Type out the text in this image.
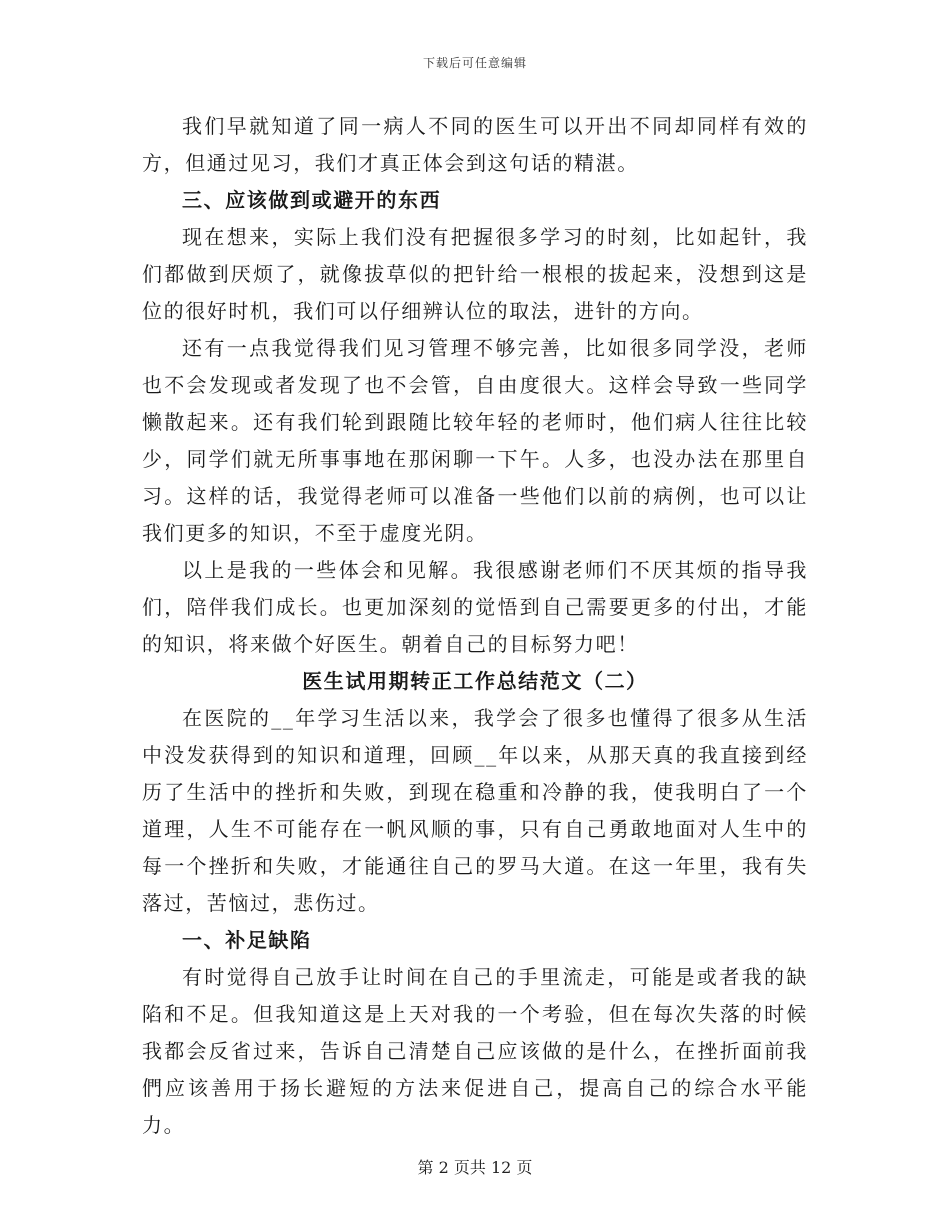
下载后可任意编辑

我们早就知道了同一病人不同的医生可以开出不同却同样有效的方，但通过见习，我们才真正体会到这句话的精湛。

三、应该做到或避开的东西

现在想来，实际上我们没有把握很多学习的时刻，比如起针，我们都做到厌烦了，就像拔草似的把针给一根根的拔起来，没想到这是位的很好时机，我们可以仔细辨认位的取法，进针的方向。

还有一点我觉得我们见习管理不够完善，比如很多同学没，老师也不会发现或者发现了也不会管，自由度很大。这样会导致一些同学懒散起来。还有我们轮到跟随比较年轻的老师时，他们病人往往比较少，同学们就无所事事地在那闲聊一下午。人多，也没办法在那里自习。这样的话，我觉得老师可以准备一些他们以前的病例，也可以让我们更多的知识，不至于虚度光阴。

以上是我的一些体会和见解。我很感谢老师们不厌其烦的指导我们，陪伴我们成长。也更加深刻的觉悟到自己需要更多的付出，才能的知识，将来做个好医生。朝着自己的目标努力吧！

医生试用期转正工作总结范文（二）

在医院的__年学习生活以来，我学会了很多也懂得了很多从生活中没发获得到的知识和道理，回顾__年以来，从那天真的我直接到经历了生活中的挫折和失败，到现在稳重和冷静的我，使我明白了一个道理，人生不可能存在一帆风顺的事，只有自己勇敢地面对人生中的每一个挫折和失败，才能通往自己的罗马大道。在这一年里，我有失落过，苦恼过，悲伤过。

一、补足缺陷

有时觉得自己放手让时间在自己的手里流走，可能是或者我的缺陷和不足。但我知道这是上天对我的一个考验，但在每次失落的时候我都会反省过来，告诉自己清楚自己应该做的是什么，在挫折面前我們应该善用于扬长避短的方法来促进自己，提高自己的综合水平能力。

第 2 页共 12 页
